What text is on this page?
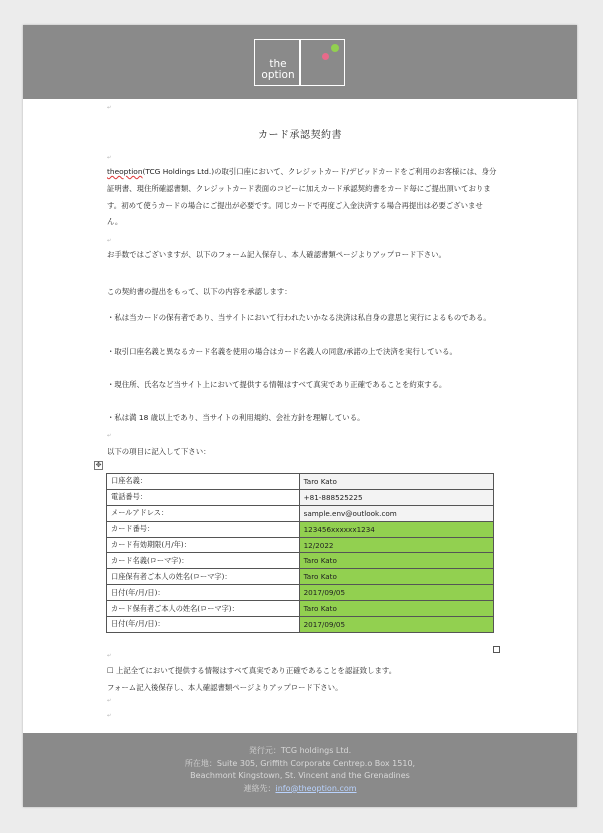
the
option
↵
カード承認契約書
↵
theoption(TCG Holdings Ltd.)の取引口座において、クレジットカード/デビッドカードをご利用のお客様には、身分証明書、現住所確認書類、クレジットカード表面のコピーに加えカード承認契約書をカード毎にご提出頂いております。初めて使うカードの場合にご提出が必要です。同じカードで再度ご入金決済する場合再提出は必要ございません。
↵
お手数ではございますが、以下のフォーム記入保存し、本人確認書類ページよりアップロード下さい。
この契約書の提出をもって、以下の内容を承認します：
・私は当カードの保有者であり、当サイトにおいて行われたいかなる決済は私自身の意思と実行によるものである。
・取引口座名義と異なるカード名義を使用の場合はカード名義人の同意/承諾の上で決済を実行している。
・現住所、氏名など当サイト上において提供する情報はすべて真実であり正確であることを約束する。
・私は満 18 歳以上であり、当サイトの利用規約、会社方針を理解している。
↵
以下の項目に記入して下さい：
✥
口座名義：	Taro Kato
電話番号：	+81-888525225
メールアドレス：	sample.env@outlook.com
カード番号：	123456xxxxxx1234
カード有効期限(月/年)：	12/2022
カード名義(ローマ字)：	Taro Kato
口座保有者ご本人の姓名(ローマ字)：	Taro Kato
日付(年/月/日)：	2017/09/05
カード保有者ご本人の姓名(ローマ字)：	Taro Kato
日付(年/月/日)：	2017/09/05
↵
☐ 上記全てにおいて提供する情報はすべて真実であり正確であることを認証致します。
フォーム記入後保存し、本人確認書類ページよりアップロード下さい。
↵
↵
発行元：TCG holdings Ltd.
所在地：Suite 305, Griffith Corporate Centrep.o Box 1510,
Beachmont Kingstown, St. Vincent and the Grenadines
連絡先：info@theoption.com
